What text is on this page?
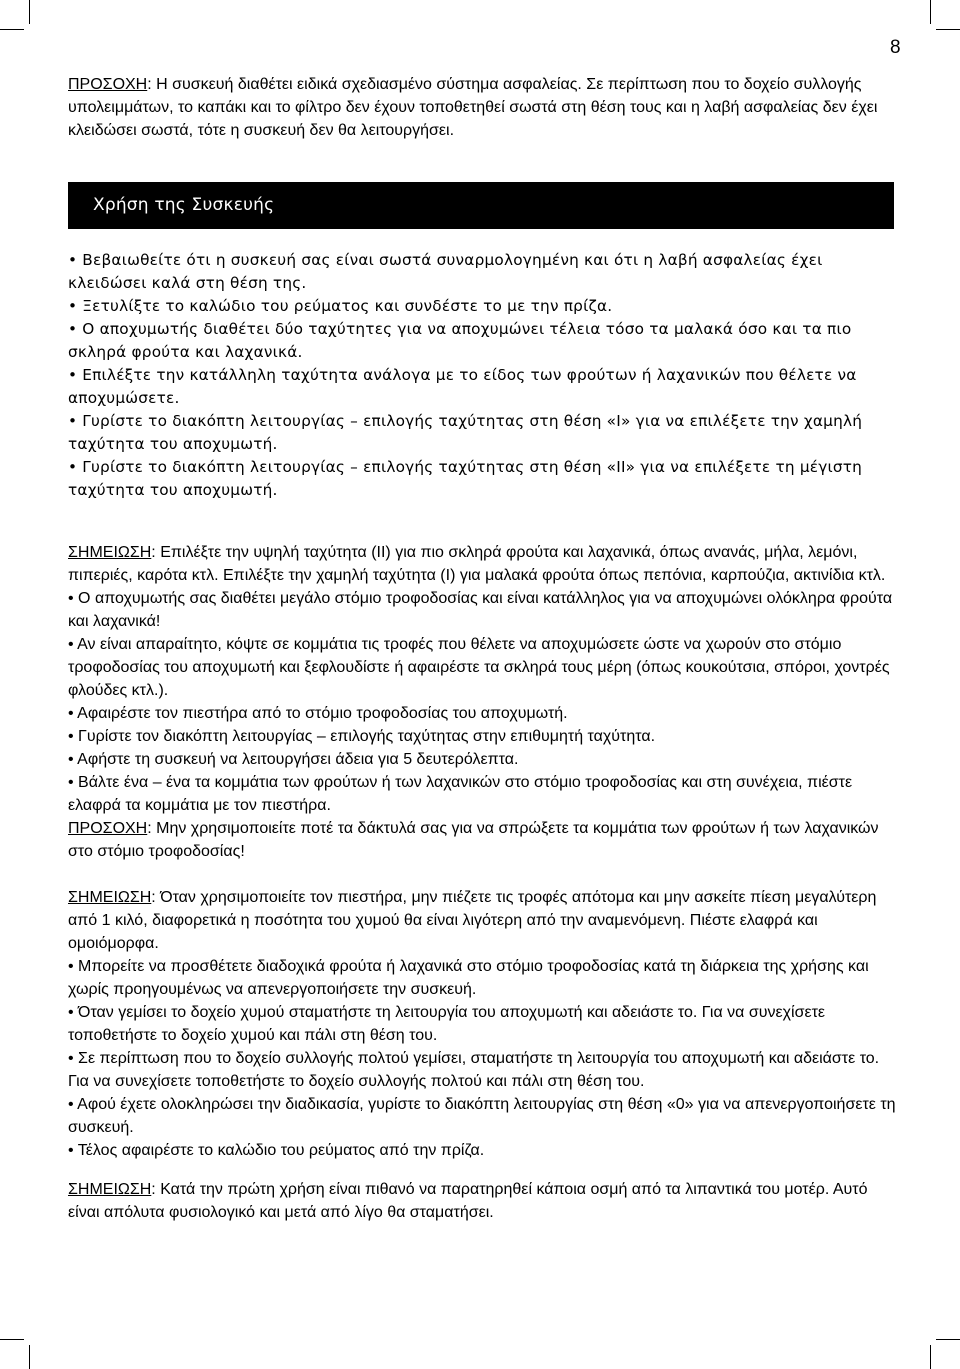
8

ΠΡΟΣΟΧΗ: Η συσκευή διαθέτει ειδικά σχεδιασμένο σύστημα ασφαλείας. Σε περίπτωση που το δοχείο συλλογής υπολειμμάτων, το καπάκι και το φίλτρο δεν έχουν τοποθετηθεί σωστά στη θέση τους και η λαβή ασφαλείας δεν έχει κλειδώσει σωστά, τότε η συσκευή δεν θα λειτουργήσει.

Χρήση της Συσκευής

• Βεβαιωθείτε ότι η συσκευή σας είναι σωστά συναρμολογημένη και ότι η λαβή ασφαλείας έχει κλειδώσει καλά στη θέση της.

• Ξετυλίξτε το καλώδιο του ρεύματος και συνδέστε το με την πρίζα.

• Ο αποχυμωτής διαθέτει δύο ταχύτητες για να αποχυμώνει τέλεια τόσο τα μαλακά όσο και τα πιο σκληρά φρούτα και λαχανικά.

• Επιλέξτε την κατάλληλη ταχύτητα ανάλογα με το είδος των φρούτων ή λαχανικών που θέλετε να αποχυμώσετε.

• Γυρίστε το διακόπτη λειτουργίας – επιλογής ταχύτητας στη θέση «I» για να επιλέξετε την χαμηλή ταχύτητα του αποχυμωτή.

• Γυρίστε το διακόπτη λειτουργίας – επιλογής ταχύτητας στη θέση «II» για να επιλέξετε τη μέγιστη ταχύτητα του αποχυμωτή.

ΣΗΜΕΙΩΣΗ: Επιλέξτε την υψηλή ταχύτητα (II) για πιο σκληρά φρούτα και λαχανικά, όπως ανανάς, μήλα, λεμόνι, πιπεριές, καρότα κτλ. Επιλέξτε την χαμηλή ταχύτητα (I) για μαλακά φρούτα όπως πεπόνια, καρπούζια, ακτινίδια κτλ.

• Ο αποχυμωτής σας διαθέτει μεγάλο στόμιο τροφοδοσίας και είναι κατάλληλος για να αποχυμώνει ολόκληρα φρούτα και λαχανικά!

• Αν είναι απαραίτητο, κόψτε σε κομμάτια τις τροφές που θέλετε να αποχυμώσετε ώστε να χωρούν στο στόμιο τροφοδοσίας του αποχυμωτή και ξεφλουδίστε ή αφαιρέστε τα σκληρά τους μέρη (όπως κουκούτσια, σπόροι, χοντρές φλούδες κτλ.).

• Αφαιρέστε τον πιεστήρα από το στόμιο τροφοδοσίας του αποχυμωτή.

• Γυρίστε τον διακόπτη λειτουργίας – επιλογής ταχύτητας στην επιθυμητή ταχύτητα.

• Αφήστε τη συσκευή να λειτουργήσει άδεια για 5 δευτερόλεπτα.

• Βάλτε ένα – ένα τα κομμάτια των φρούτων ή των λαχανικών στο στόμιο τροφοδοσίας και στη συνέχεια, πιέστε ελαφρά τα κομμάτια με τον πιεστήρα.

ΠΡΟΣΟΧΗ: Μην χρησιμοποιείτε ποτέ τα δάκτυλά σας για να σπρώξετε τα κομμάτια των φρούτων ή των λαχανικών στο στόμιο τροφοδοσίας!

ΣΗΜΕΙΩΣΗ: Όταν χρησιμοποιείτε τον πιεστήρα, μην πιέζετε τις τροφές απότομα και μην ασκείτε πίεση μεγαλύτερη από 1 κιλό, διαφορετικά η ποσότητα του χυμού θα είναι λιγότερη από την αναμενόμενη. Πιέστε ελαφρά και ομοιόμορφα.

• Μπορείτε να προσθέτετε διαδοχικά φρούτα ή λαχανικά στο στόμιο τροφοδοσίας κατά τη διάρκεια της χρήσης και χωρίς προηγουμένως να απενεργοποιήσετε την συσκευή.

• Όταν γεμίσει το δοχείο χυμού σταματήστε τη λειτουργία του αποχυμωτή και αδειάστε το. Για να συνεχίσετε τοποθετήστε το δοχείο χυμού και πάλι στη θέση του.

• Σε περίπτωση που το δοχείο συλλογής πολτού γεμίσει, σταματήστε τη λειτουργία του αποχυμωτή και αδειάστε το. Για να συνεχίσετε τοποθετήστε το δοχείο συλλογής πολτού και πάλι στη θέση του.

• Αφού έχετε ολοκληρώσει την διαδικασία, γυρίστε το διακόπτη λειτουργίας στη θέση «0» για να απενεργοποιήσετε τη συσκευή.

• Τέλος αφαιρέστε το καλώδιο του ρεύματος από την πρίζα.

ΣΗΜΕΙΩΣΗ: Κατά την πρώτη χρήση είναι πιθανό να παρατηρηθεί κάποια οσμή από τα λιπαντικά του μοτέρ. Αυτό είναι απόλυτα φυσιολογικό και μετά από λίγο θα σταματήσει.
